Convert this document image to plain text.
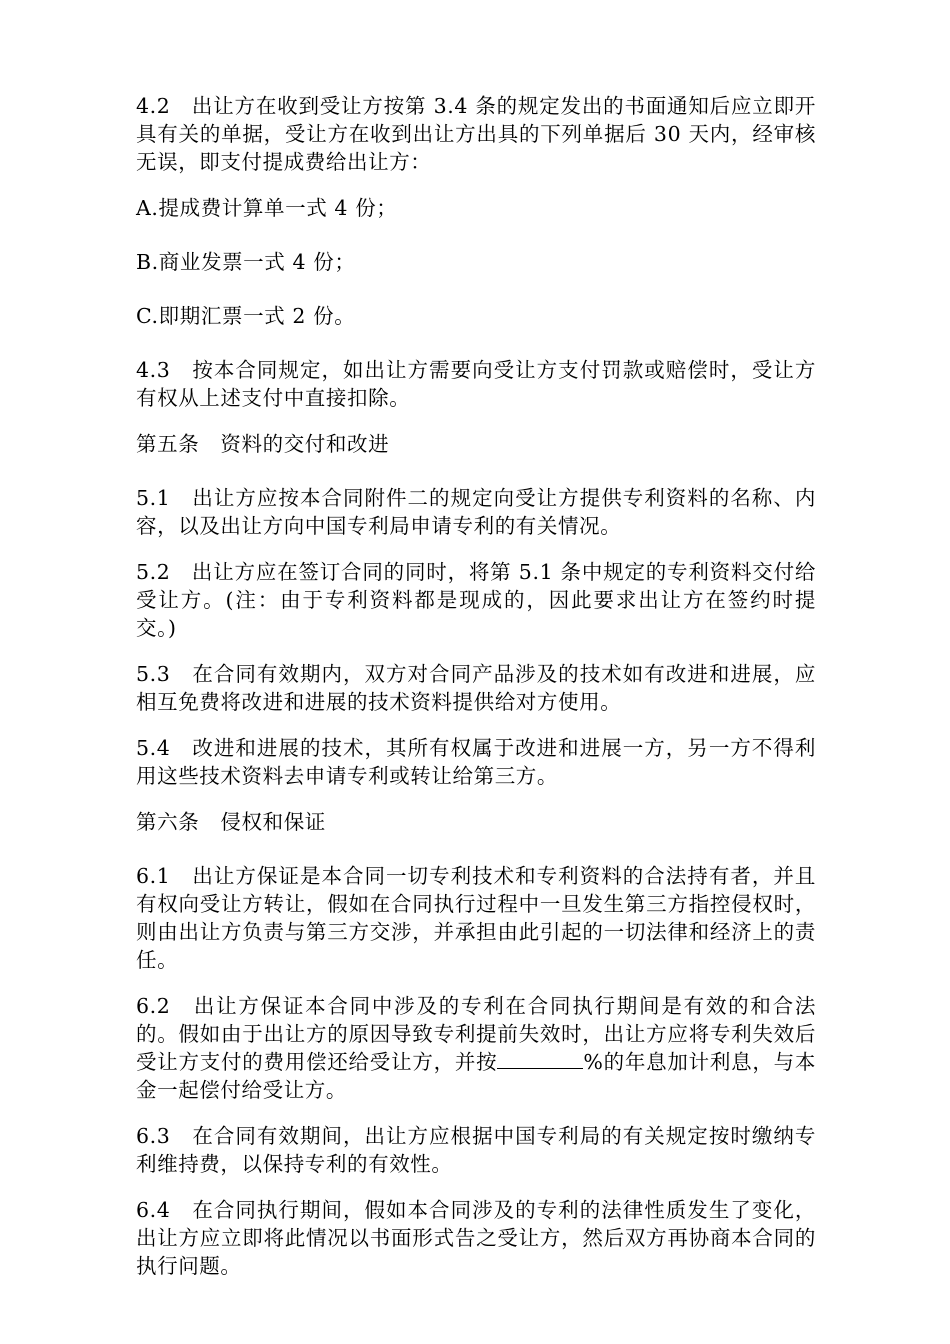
4.2　出让方在收到受让方按第 3.4 条的规定发出的书面通知后应立即开具有关的单据，受让方在收到出让方出具的下列单据后 30 天内，经审核无误，即支付提成费给出让方：

A.提成费计算单一式 4 份；

B.商业发票一式 4 份；

C.即期汇票一式 2 份。

4.3　按本合同规定，如出让方需要向受让方支付罚款或赔偿时，受让方有权从上述支付中直接扣除。

第五条　资料的交付和改进

5.1　出让方应按本合同附件二的规定向受让方提供专利资料的名称、内容，以及出让方向中国专利局申请专利的有关情况。

5.2　出让方应在签订合同的同时，将第 5.1 条中规定的专利资料交付给受让方。(注：由于专利资料都是现成的，因此要求出让方在签约时提交。)

5.3　在合同有效期内，双方对合同产品涉及的技术如有改进和进展，应相互免费将改进和进展的技术资料提供给对方使用。

5.4　改进和进展的技术，其所有权属于改进和进展一方，另一方不得利用这些技术资料去申请专利或转让给第三方。

第六条　侵权和保证

6.1　出让方保证是本合同一切专利技术和专利资料的合法持有者，并且有权向受让方转让，假如在合同执行过程中一旦发生第三方指控侵权时，则由出让方负责与第三方交涉，并承担由此引起的一切法律和经济上的责任。

6.2　出让方保证本合同中涉及的专利在合同执行期间是有效的和合法的。假如由于出让方的原因导致专利提前失效时，出让方应将专利失效后受让方支付的费用偿还给受让方，并按	%的年息加计利息，与本金一起偿付给受让方。

6.3　在合同有效期间，出让方应根据中国专利局的有关规定按时缴纳专利维持费，以保持专利的有效性。

6.4　在合同执行期间，假如本合同涉及的专利的法律性质发生了变化，出让方应立即将此情况以书面形式告之受让方，然后双方再协商本合同的执行问题。
